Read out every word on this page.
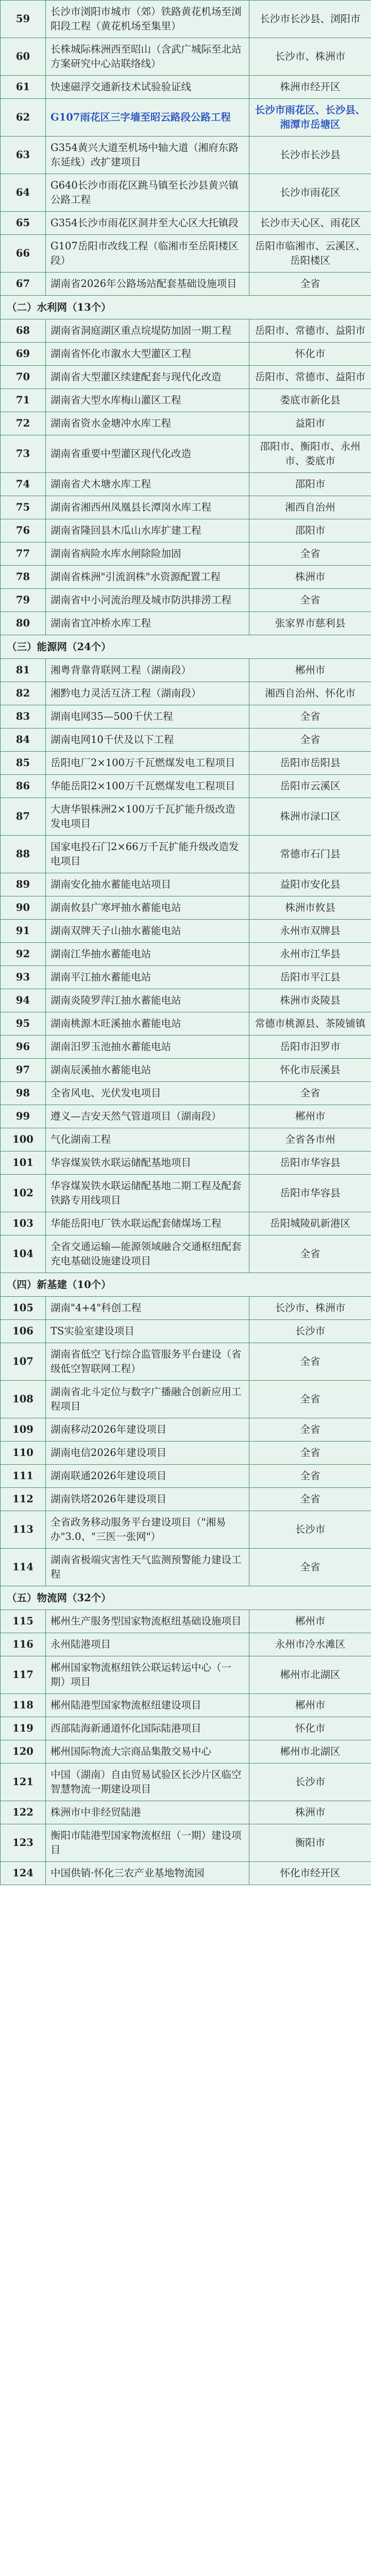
59	长沙市浏阳市城市（郊）铁路黄花机场至浏阳段工程（黄花机场至集里）	长沙市长沙县、浏阳市
60	长株城际株洲西至昭山（含武广城际至北站方案研究中心站联络线）	长沙市、株洲市
61	快速磁浮交通新技术试验验证线	株洲市经开区
62	G107雨花区三字墙至昭云路段公路工程	长沙市雨花区、长沙县、湘潭市岳塘区
63	G354黄兴大道至机场中轴大道（湘府东路东延线）改扩建项目	长沙市长沙县
64	G640长沙市雨花区跳马镇至长沙县黄兴镇公路工程	长沙市雨花区
65	G354长沙市雨花区洞井至大心区大托镇段	长沙市天心区、雨花区
66	G107岳阳市改线工程（临湘市至岳阳楼区段）	岳阳市临湘市、云溪区、岳阳楼区
67	湖南省2026年公路场站配套基础设施项目	全省
（二）水利网（13个）		
68	湖南省洞庭湖区重点垸堤防加固一期工程	岳阳市、常德市、益阳市
69	湖南省怀化市溆水大型灌区工程	怀化市
70	湖南省大型灌区续建配套与现代化改造	岳阳市、常德市、益阳市
71	湖南省大型水库梅山灌区工程	娄底市新化县
72	湖南省资水金塘冲水库工程	益阳市
73	湖南省重要中型灌区现代化改造	邵阳市、衡阳市、永州市、娄底市
74	湖南省犬木塘水库工程	邵阳市
75	湖南省湘西州凤凰县长潭岗水库工程	湘西自治州
76	湖南省隆回县木瓜山水库扩建工程	邵阳市
77	湖南省病险水库水闸除险加固	全省
78	湖南省株洲"引流润株"水资源配置工程	株洲市
79	湖南省中小河流治理及城市防洪排涝工程	全省
80	湖南省宜冲桥水库工程	张家界市慈利县
（三）能源网（24个）		
81	湘粤背靠背联网工程（湖南段）	郴州市
82	湘黔电力灵活互济工程（湖南段）	湘西自治州、怀化市
83	湖南电网35—500千伏工程	全省
84	湖南电网10千伏及以下工程	全省
85	岳阳电厂2×100万千瓦燃煤发电工程项目	岳阳市岳阳县
86	华能岳阳2×100万千瓦燃煤发电工程项目	岳阳市云溪区
87	大唐华银株洲2×100万千瓦扩能升级改造发电项目	株洲市渌口区
88	国家电投石门2×66万千瓦扩能升级改造发电项目	常德市石门县
89	湖南安化抽水蓄能电站项目	益阳市安化县
90	湖南攸县广寒坪抽水蓄能电站	株洲市攸县
91	湖南双牌天子山抽水蓄能电站	永州市双牌县
92	湖南江华抽水蓄能电站	永州市江华县
93	湖南平江抽水蓄能电站	岳阳市平江县
94	湖南炎陵罗萍江抽水蓄能电站	株洲市炎陵县
95	湖南桃源木旺溪抽水蓄能电站	常德市桃源县、茶陵铺镇
96	湖南汨罗玉池抽水蓄能电站	岳阳市汨罗市
97	湖南辰溪抽水蓄能电站	怀化市辰溪县
98	全省风电、光伏发电项目	全省
99	遵义—吉安天然气管道项目（湖南段）	郴州市
100	气化湖南工程	全省各市州
101	华容煤炭铁水联运储配基地项目	岳阳市华容县
102	华容煤炭铁水联运储配基地二期工程及配套铁路专用线项目	岳阳市华容县
103	华能岳阳电厂铁水联运配套储煤场工程	岳阳城陵矶新港区
104	全省交通运输—能源领域融合交通枢纽配套充电基础设施建设项目	全省
（四）新基建（10个）		
105	湖南"4+4"科创工程	长沙市、株洲市
106	TS实验室建设项目	长沙市
107	湖南省低空飞行综合监管服务平台建设（省级低空智联网工程）	全省
108	湖南省北斗定位与数字广播融合创新应用工程项目	全省
109	湖南移动2026年建设项目	全省
110	湖南电信2026年建设项目	全省
111	湖南联通2026年建设项目	全省
112	湖南铁塔2026年建设项目	全省
113	全省政务移动服务平台建设项目（"湘易办"3.0、"三医一张网"）	长沙市
114	湖南省极端灾害性天气监测预警能力建设工程	全省
（五）物流网（32个）		
115	郴州生产服务型国家物流枢纽基础设施项目	郴州市
116	永州陆港项目	永州市冷水滩区
117	郴州国家物流枢纽铁公联运转运中心（一期）项目	郴州市北湖区
118	郴州陆港型国家物流枢纽建设项目	郴州市
119	西部陆海新通道怀化国际陆港项目	怀化市
120	郴州国际物流大宗商品集散交易中心	郴州市北湖区
121	中国（湖南）自由贸易试验区长沙片区临空智慧物流一期建设项目	长沙市
122	株洲市中非经贸陆港	株洲市
123	衡阳市陆港型国家物流枢纽（一期）建设项目	衡阳市
124	中国供销·怀化三农产业基地物流园	怀化市经开区
